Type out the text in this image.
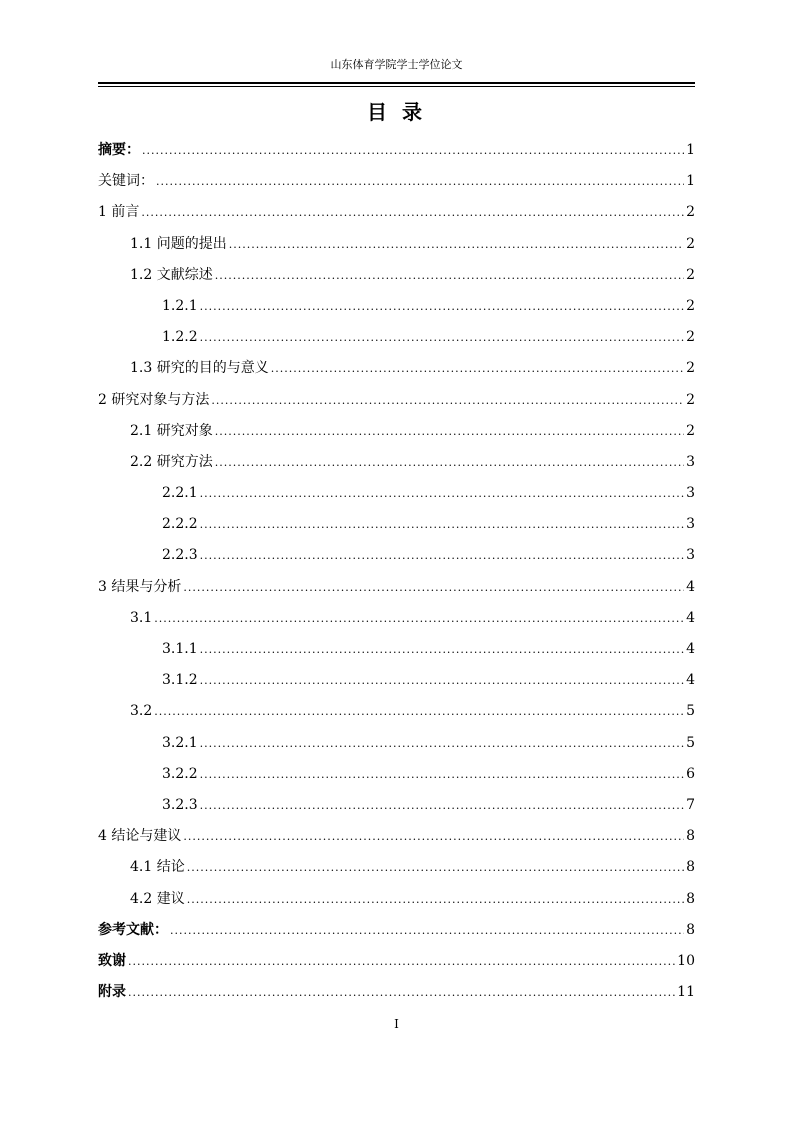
山东体育学院学士学位论文
目 录
摘要： .....	1
关键词： .....	1
1 前言 .....	2
1.1 问题的提出 .....	2
1.2 文献综述 .....	2
1.2.1 .....	2
1.2.2 .....	2
1.3 研究的目的与意义 .....	2
2 研究对象与方法 .....	2
2.1 研究对象 .....	2
2.2 研究方法 .....	3
2.2.1 .....	3
2.2.2 .....	3
2.2.3 .....	3
3 结果与分析 .....	4
3.1 .....	4
3.1.1 .....	4
3.1.2 .....	4
3.2 .....	5
3.2.1 .....	5
3.2.2 .....	6
3.2.3 .....	7
4 结论与建议 .....	8
4.1 结论 .....	8
4.2 建议 .....	8
参考文献： .....	8
致谢 .....	10
附录 .....	11
I
